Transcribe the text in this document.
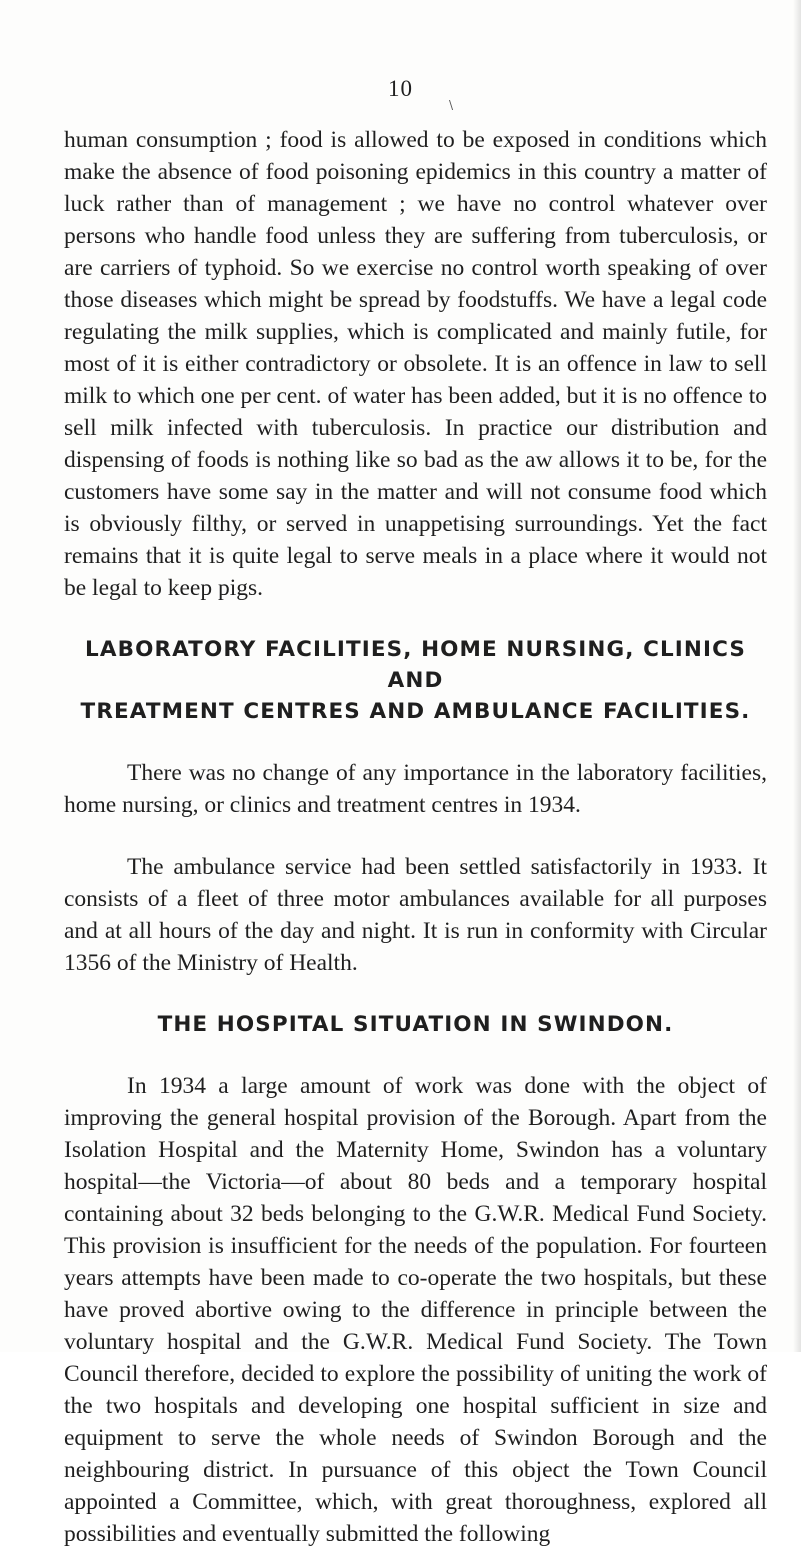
10
\

human consumption ; food is allowed to be exposed in conditions which make the absence of food poisoning epidemics in this country a matter of luck rather than of management ; we have no control whatever over persons who handle food unless they are suffering from tuberculosis, or are carriers of typhoid. So we exercise no control worth speaking of over those diseases which might be spread by foodstuffs. We have a legal code regulating the milk supplies, which is complicated and mainly futile, for most of it is either contradictory or obsolete. It is an offence in law to sell milk to which one per cent. of water has been added, but it is no offence to sell milk infected with tuberculosis. In practice our distribution and dispensing of foods is nothing like so bad as the aw allows it to be, for the customers have some say in the matter and will not consume food which is obviously filthy, or served in unappetising surroundings. Yet the fact remains that it is quite legal to serve meals in a place where it would not be legal to keep pigs.

LABORATORY FACILITIES, HOME NURSING, CLINICS AND

TREATMENT CENTRES AND AMBULANCE FACILITIES.

There was no change of any importance in the laboratory facilities, home nursing, or clinics and treatment centres in 1934.

The ambulance service had been settled satisfactorily in 1933. It consists of a fleet of three motor ambulances available for all purposes and at all hours of the day and night. It is run in conformity with Circular 1356 of the Ministry of Health.

THE HOSPITAL SITUATION IN SWINDON.

In 1934 a large amount of work was done with the object of improving the general hospital provision of the Borough. Apart from the Isolation Hospital and the Maternity Home, Swindon has a voluntary hospital—the Victoria—of about 80 beds and a temporary hospital containing about 32 beds belonging to the G.W.R. Medical Fund Society. This provision is insufficient for the needs of the population. For fourteen years attempts have been made to co-operate the two hospitals, but these have proved abortive owing to the difference in principle between the voluntary hospital and the G.W.R. Medical Fund Society. The Town Council therefore, decided to explore the possibility of uniting the work of the two hospitals and developing one hospital sufficient in size and equipment to serve the whole needs of Swindon Borough and the neighbouring district. In pursuance of this object the Town Council appointed a Committee, which, with great thoroughness, explored all possibilities and eventually submitted the following
